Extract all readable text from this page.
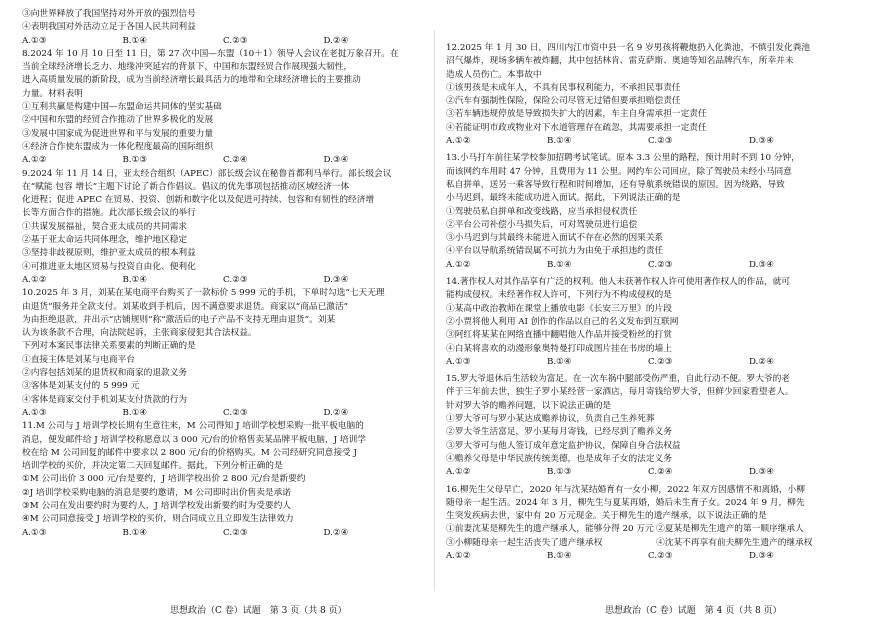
③向世界释放了我国坚持对外开放的强烈信号
④表明我国对外活动立足于各国人民共同利益
A.①③	B.①④	C.②③	D.②④
8.2024 年 10 月 10 日至 11 日，第 27 次中国—东盟（10＋1）领导人会议在老挝万象召开。在
当前全球经济增长乏力、地缘冲突延宕的背景下，中国和东盟经贸合作展现强大韧性，
进入高质量发展的新阶段，成为当前经济增长最具活力的地带和全球经济增长的主要推动
力量。材料表明
①互利共赢是构建中国—东盟命运共同体的坚实基础
②中国和东盟的经贸合作推动了世界多极化的发展
③发展中国家成为促进世界和平与发展的重要力量
④经济合作使东盟成为一体化程度最高的国际组织
A.①②	B.①③	C.②④	D.③④
9.2024 年 11 月 14 日，亚太经合组织（APEC）部长级会议在秘鲁首都利马举行。部长级会议
在“赋能 包容 增长”主题下讨论了新合作倡议。倡议的优先事项包括推动区域经济一体
化进程；促进 APEC 在贸易、投资、创新和数字化以及促进可持续、包容和有韧性的经济增
长等方面合作的措施。此次部长级会议的举行
①共谋发展福祉，契合亚太成员的共同需求
②基于亚太命运共同体理念，维护地区稳定
③坚持非歧视原则，维护亚太成员的根本利益
④可推进亚太地区贸易与投资自由化、便利化
A.①②	B.①④	C.②③	D.③④
10.2025 年 3 月，刘某在某电商平台购买了一款标价 5 999 元的手机，下单时勾选“七天无理
由退货”服务并全款支付。刘某收到手机后，因不满意要求退货。商家以“商品已激活”
为由拒绝退款，并出示“店铺规则”称“激活后的电子产品不支持无理由退货”。刘某
认为该条款不合理，向法院起诉，主张商家侵犯其合法权益。
下列对本案民事法律关系要素的判断正确的是
①直接主体是刘某与电商平台
②内容包括刘某的退货权和商家的退款义务
③客体是刘某支付的 5 999 元
④客体是商家交付手机刘某支付货款的行为
A.①③	B.①④	C.②③	D.②④
11.M 公司与 J 培训学校长期有生意往来，M 公司得知 J 培训学校想采购一批平板电脑的
消息，便发邮件给 J 培训学校称愿意以 3 000 元/台的价格售卖某品牌平板电脑，J 培训学
校在给 M 公司回复的邮件中要求以 2 800 元/台的价格购买。M 公司经研究同意接受 J
培训学校的买价，并决定第二天回复邮件。据此，下列分析正确的是
①M 公司出价 3 000 元/台是要约，J 培训学校出价 2 800 元/台是新要约
②J 培训学校采购电脑的消息是要约邀请，M 公司即时出价售卖是承诺
③M 公司在发出要约时为要约人，J 培训学校发出新要约时为受要约人
④M 公司同意接受 J 培训学校的买价，则合同成立且立即发生法律效力
A.①③	B.①④	C.②③	D.②④
12.2025 年 1 月 30 日，四川内江市资中县一名 9 岁男孩将鞭炮扔入化粪池，不慎引发化粪池
沼气爆炸，现场多辆车被炸翻，其中包括林肯、雷克萨斯、奥迪等知名品牌汽车，所幸并未
造成人员伤亡。本事故中
①该男孩是未成年人，不具有民事权利能力，不承担民事责任
②汽车有强制性保险，保险公司尽管无过错但要承担赔偿责任
③若车辆违规停放是导致损失扩大的因素，车主自身需承担一定责任
④若能证明市政或物业对下水道管理存在疏忽，其需要承担一定责任
A.①②	B.①④	C.②③	D.③④
13.小马打车前往某学校参加招聘考试笔试。原本 3.3 公里的路程，预计用时不到 10 分钟，
而该网约车用时 47 分钟，且费用为 11 公里。网约车公司回应，除了驾驶员未经小马同意
私自拼单，送另一乘客导致行程和时间增加，还有导航系统错误的原因。因为绕路，导致
小马迟到，最终未能成功进入面试。据此，下列说法正确的是
①驾驶员私自拼单和改变线路，应当承担侵权责任
②平台公司补偿小马损失后，可对驾驶员进行追偿
③小马迟到与其最终未能进入面试不存在必然的因果关系
④平台以导航系统错误属不可抗力为由免于承担违约责任
A.①②	B.①④	C.②③	D.③④
14.著作权人对其作品享有广泛的权利。他人未获著作权人许可使用著作权人的作品，就可
能构成侵权。未经著作权人许可，下列行为不构成侵权的是
①某高中政治教师在课堂上播放电影《长安三万里》的片段
②小贾将他人利用 AI 创作的作品以自己的名义发布到互联网
③阿红将某某在网络直播中翻唱他人作品并接受粉丝的打赏
④白某将喜欢的动漫形象奥特曼打印成图片挂在书房的墙上
A.①③	B.①④	C.②③	D.②④
15.罗大爷退休后生活较为富足。在一次车祸中腿部受伤严重，自此行动不便。罗大爷的老
伴于三年前去世，独生子罗小某经营一家酒店，每月寄钱给罗大爷，但鲜少回家看望老人。
针对罗大爷的赡养问题，以下说法正确的是
①罗大爷可与罗小某达成赡养协议，负责自己生养死葬
②罗大爷生活富足，罗小某每月寄钱，已经尽到了赡养义务
③罗大爷可与他人签订成年意定监护协议，保障自身合法权益
④赡养父母是中华民族传统美德，也是成年子女的法定义务
A.①②	B.①③	C.②④	D.③④
16.柳先生父母早亡，2020 年与沈某结婚育有一女小柳，2022 年双方因感情不和离婚，小柳
随母亲一起生活。2024 年 3 月，柳先生与夏某再婚，婚后未生育子女。2024 年 9 月，柳先
生突发疾病去世，家中有 20 万元现金。关于柳先生的遗产继承，以下说法正确的是
①前妻沈某是柳先生的遗产继承人，能够分得 20 万元 ②夏某是柳先生遗产的第一顺序继承人
③小柳随母亲一起生活丧失了遗产继承权	④沈某不再享有前夫柳先生遗产的继承权
A.①②	B.①④	C.②③	D.③④
思想政治（C 卷）试题　第 3 页（共 8 页）	思想政治（C 卷）试题　第 4 页（共 8 页）
